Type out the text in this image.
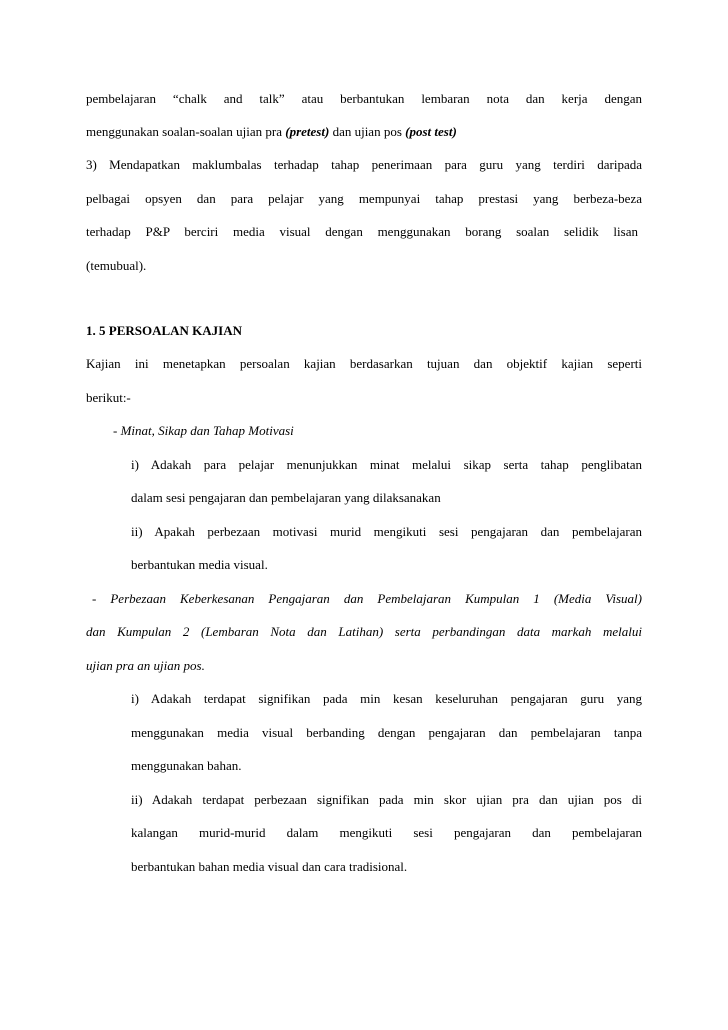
pembelajaran “chalk and talk” atau berbantukan lembaran nota dan kerja dengan

menggunakan soalan-soalan ujian pra (pretest) dan ujian pos (post test)

3) Mendapatkan maklumbalas terhadap tahap penerimaan para guru yang terdiri daripada

pelbagai opsyen dan para pelajar yang mempunyai tahap prestasi yang berbeza-beza

terhadap P&P berciri media visual dengan menggunakan borang soalan selidik lisan

(temubual).

1. 5 PERSOALAN KAJIAN

Kajian ini menetapkan persoalan kajian berdasarkan tujuan dan objektif kajian seperti

berikut:-

- Minat, Sikap dan Tahap Motivasi

i) Adakah para pelajar menunjukkan minat melalui sikap serta tahap penglibatan

dalam sesi pengajaran dan pembelajaran yang dilaksanakan

ii) Apakah perbezaan motivasi murid mengikuti sesi pengajaran dan pembelajaran

berbantukan media visual.

- Perbezaan Keberkesanan Pengajaran dan Pembelajaran Kumpulan 1 (Media Visual)

dan Kumpulan 2 (Lembaran Nota dan Latihan) serta perbandingan data markah melalui

ujian pra an ujian pos.

i) Adakah terdapat signifikan pada min kesan keseluruhan pengajaran guru yang

menggunakan media visual berbanding dengan pengajaran dan pembelajaran tanpa

menggunakan bahan.

ii) Adakah terdapat perbezaan signifikan pada min skor ujian pra dan ujian pos di

kalangan murid-murid dalam mengikuti sesi pengajaran dan pembelajaran

berbantukan bahan media visual dan cara tradisional.
